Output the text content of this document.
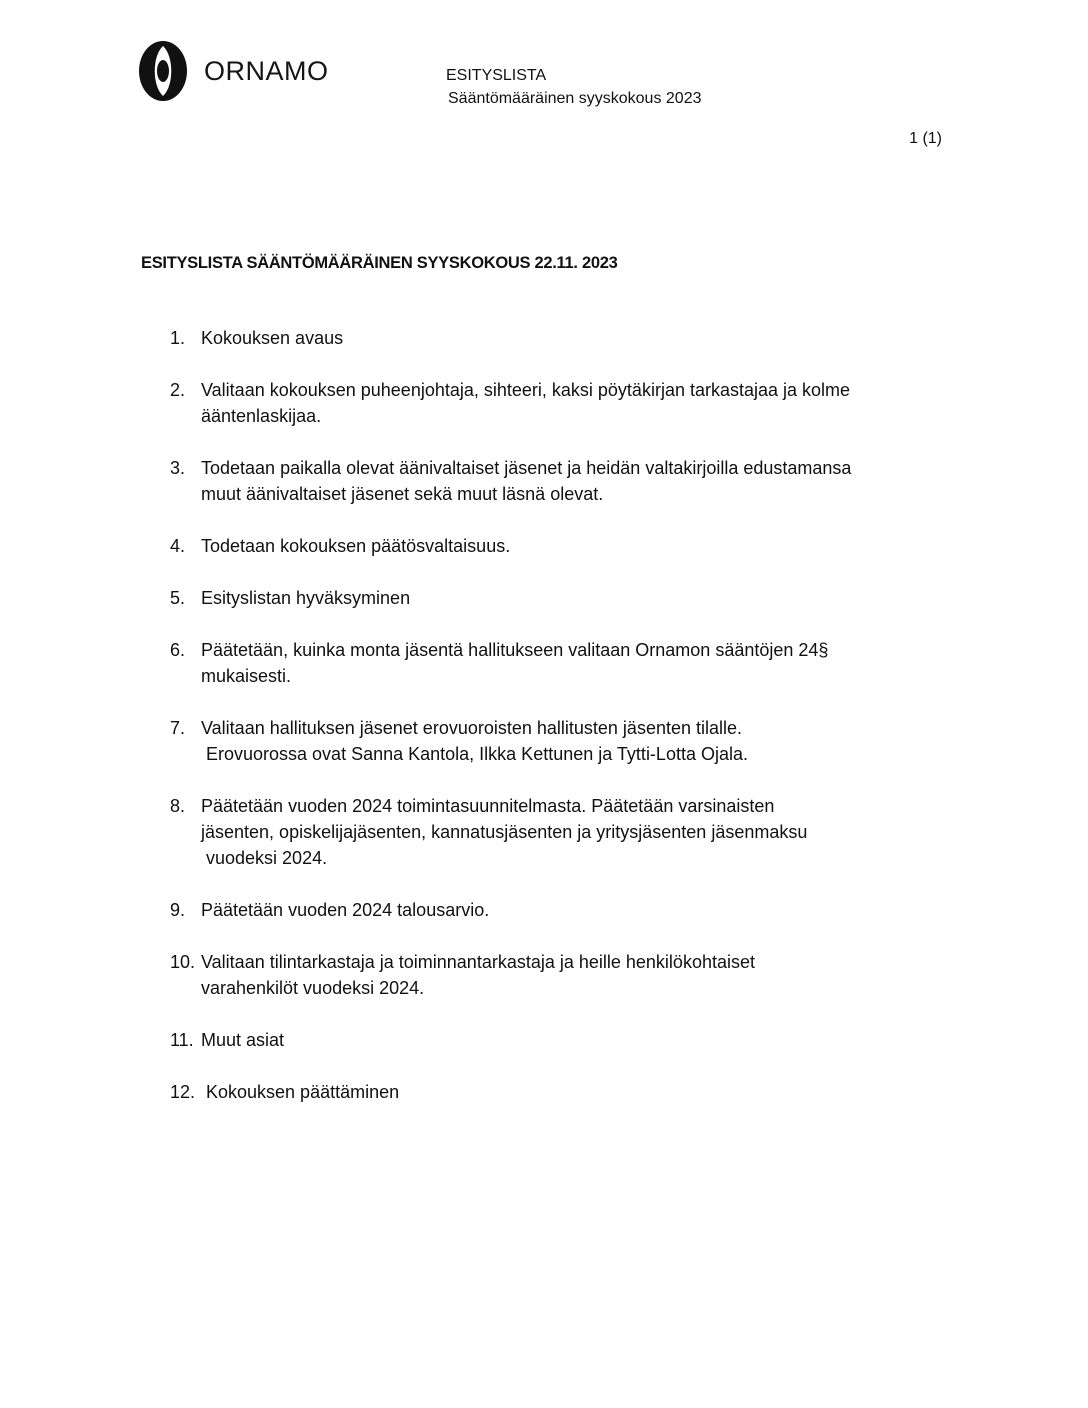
ORNAMO	ESITYSLISTA
Sääntömääräinen syyskokous 2023
1 (1)
ESITYSLISTA SÄÄNTÖMÄÄRÄINEN SYYSKOKOUS 22.11. 2023
1. Kokouksen avaus
2. Valitaan kokouksen puheenjohtaja, sihteeri, kaksi pöytäkirjan tarkastajaa ja kolme
ääntenlaskijaa.
3. Todetaan paikalla olevat äänivaltaiset jäsenet ja heidän valtakirjoilla edustamansa
muut äänivaltaiset jäsenet sekä muut läsnä olevat.
4. Todetaan kokouksen päätösvaltaisuus.
5. Esityslistan hyväksyminen
6. Päätetään, kuinka monta jäsentä hallitukseen valitaan Ornamon sääntöjen 24§
mukaisesti.
7. Valitaan hallituksen jäsenet erovuoroisten hallitusten jäsenten tilalle.
Erovuorossa ovat Sanna Kantola, Ilkka Kettunen ja Tytti-Lotta Ojala.
8. Päätetään vuoden 2024 toimintasuunnitelmasta. Päätetään varsinaisten
jäsenten, opiskelijajäsenten, kannatusjäsenten ja yritysjäsenten jäsenmaksu
vuodeksi 2024.
9. Päätetään vuoden 2024 talousarvio.
10. Valitaan tilintarkastaja ja toiminnantarkastaja ja heille henkilökohtaiset
varahenkilöt vuodeksi 2024.
11. Muut asiat
12. Kokouksen päättäminen
